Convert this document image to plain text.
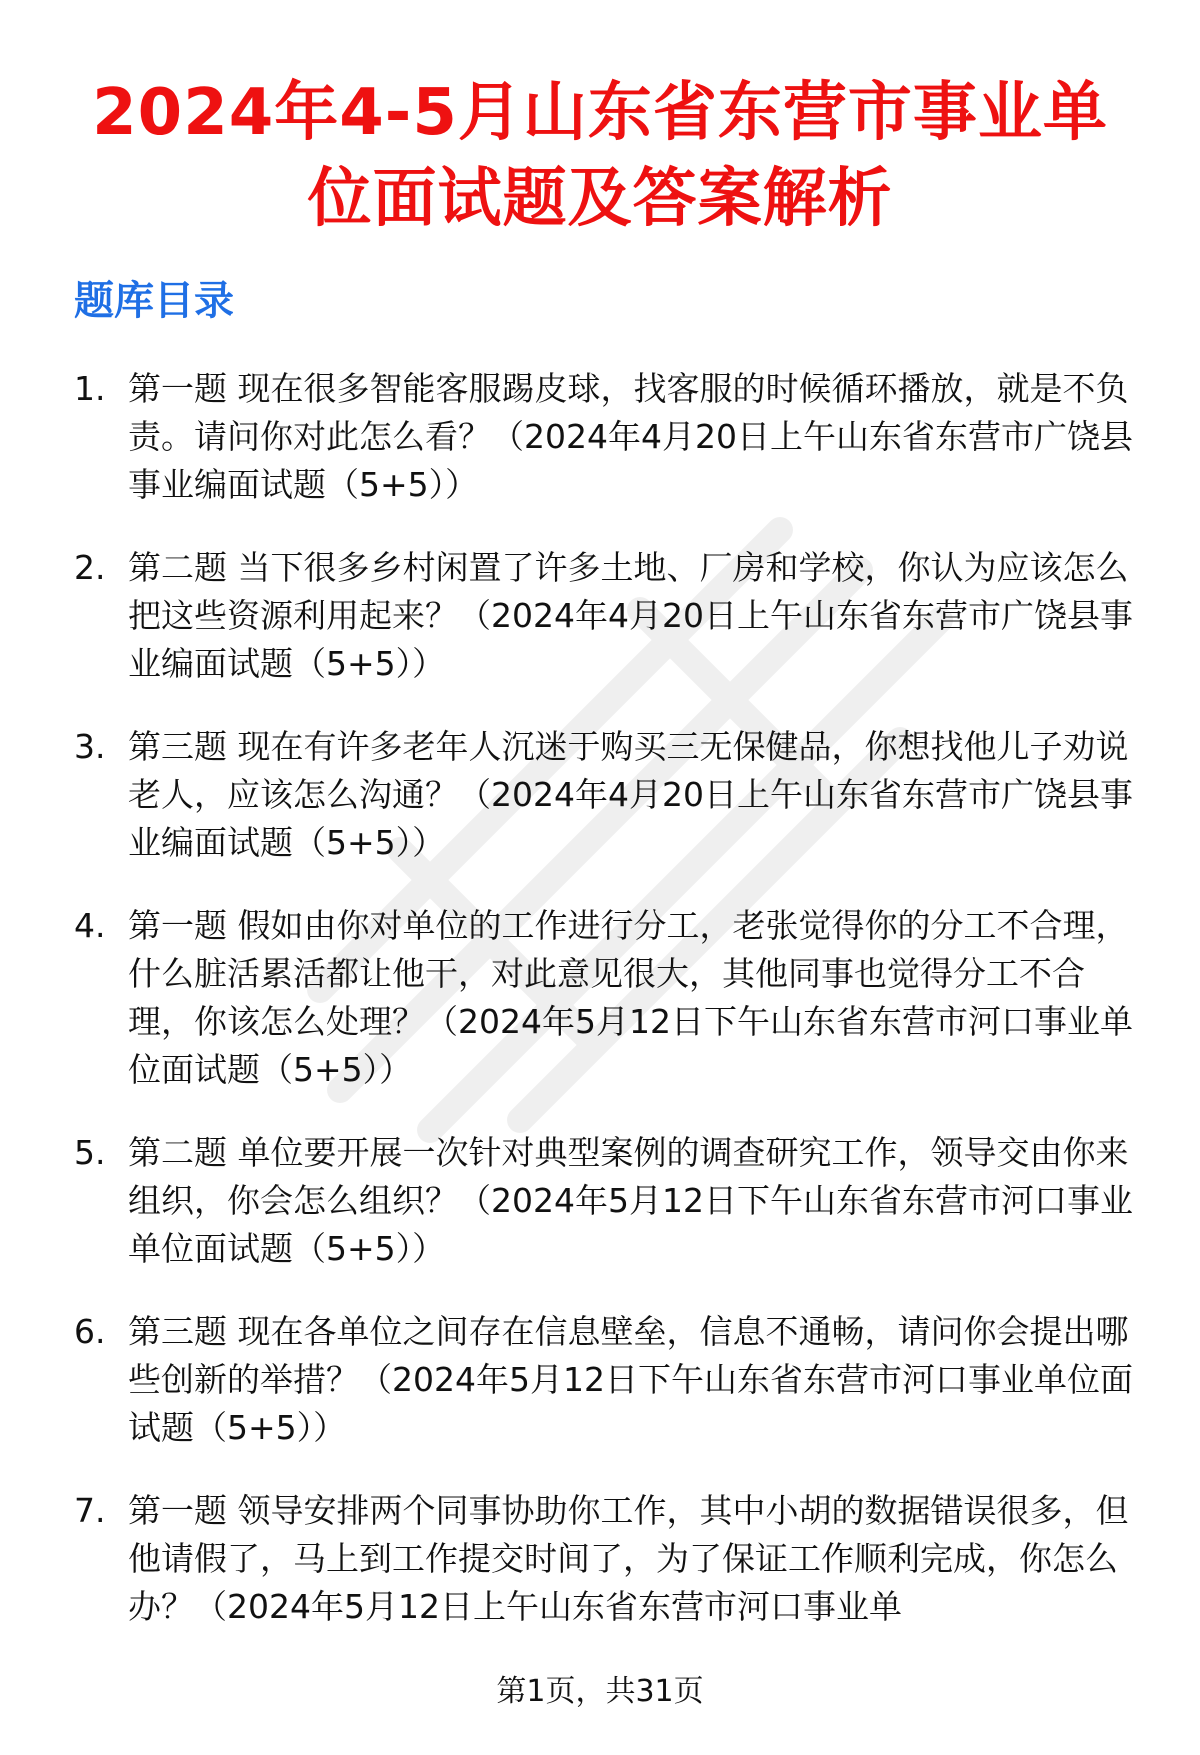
2024年4-5月山东省东营市事业单位面试题及答案解析
题库目录
1. 第一题 现在很多智能客服踢皮球，找客服的时候循环播放，就是不负责。请问你对此怎么看？（2024年4月20日上午山东省东营市广饶县事业编面试题（5+5））
2. 第二题 当下很多乡村闲置了许多土地、厂房和学校，你认为应该怎么把这些资源利用起来？（2024年4月20日上午山东省东营市广饶县事业编面试题（5+5））
3. 第三题 现在有许多老年人沉迷于购买三无保健品，你想找他儿子劝说老人，应该怎么沟通？（2024年4月20日上午山东省东营市广饶县事业编面试题（5+5））
4. 第一题 假如由你对单位的工作进行分工，老张觉得你的分工不合理，什么脏活累活都让他干，对此意见很大，其他同事也觉得分工不合理，你该怎么处理？（2024年5月12日下午山东省东营市河口事业单位面试题（5+5））
5. 第二题 单位要开展一次针对典型案例的调查研究工作，领导交由你来组织，你会怎么组织？（2024年5月12日下午山东省东营市河口事业单位面试题（5+5））
6. 第三题 现在各单位之间存在信息壁垒，信息不通畅，请问你会提出哪些创新的举措？（2024年5月12日下午山东省东营市河口事业单位面试题（5+5））
7. 第一题 领导安排两个同事协助你工作，其中小胡的数据错误很多，但他请假了，马上到工作提交时间了，为了保证工作顺利完成，你怎么办？（2024年5月12日上午山东省东营市河口事业单
第1页，共31页
